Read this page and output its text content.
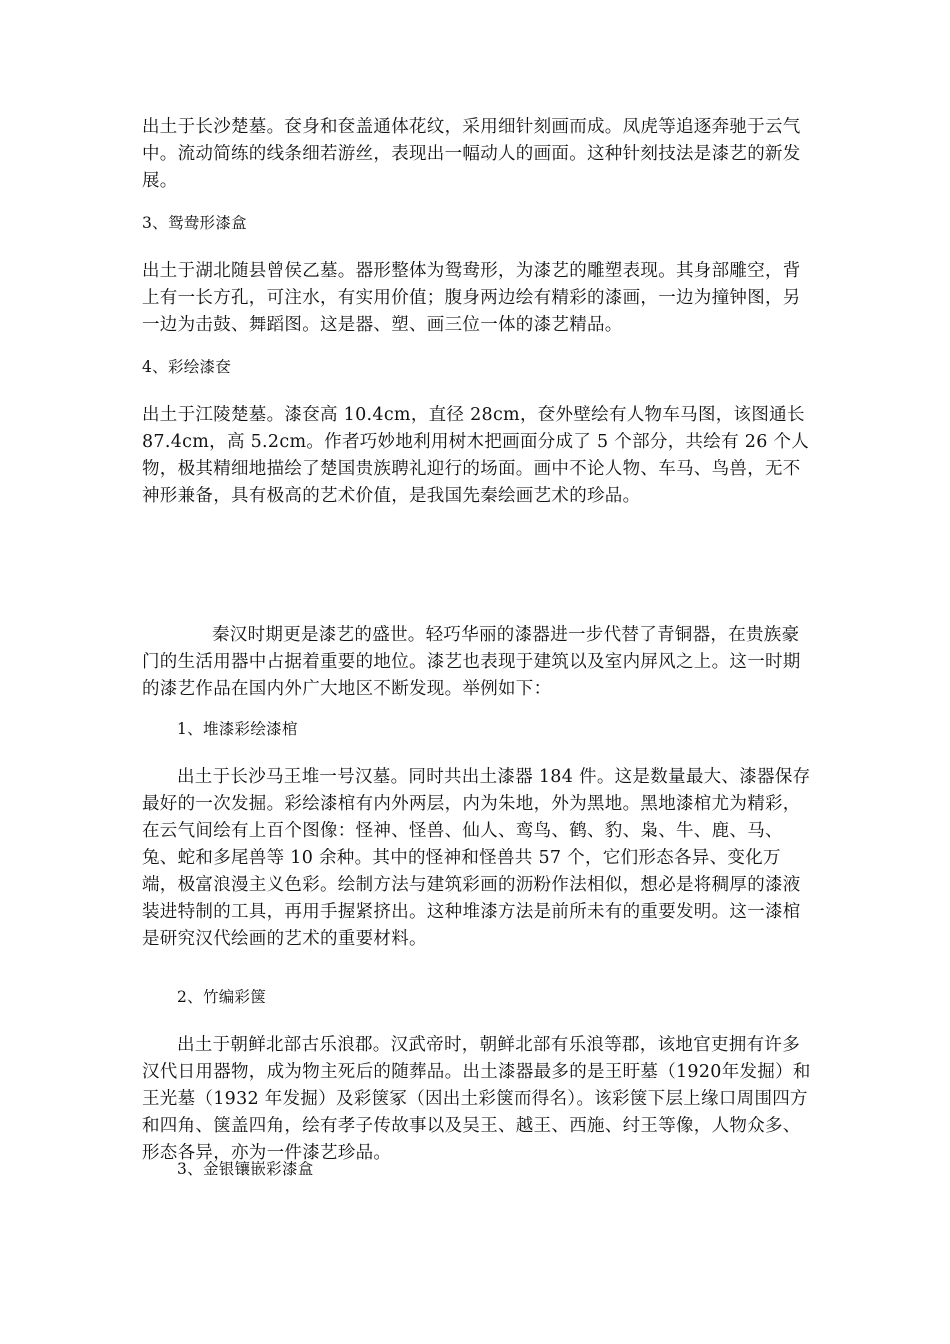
出土于长沙楚墓。奁身和奁盖通体花纹，采用细针刻画而成。凤虎等追逐奔驰于云气中。流动简练的线条细若游丝，表现出一幅动人的画面。这种针刻技法是漆艺的新发展。

3、鸳鸯形漆盒

出土于湖北随县曾侯乙墓。器形整体为鸳鸯形，为漆艺的雕塑表现。其身部雕空，背上有一长方孔，可注水，有实用价值；腹身两边绘有精彩的漆画，一边为撞钟图，另一边为击鼓、舞蹈图。这是器、塑、画三位一体的漆艺精品。

4、彩绘漆奁

出土于江陵楚墓。漆奁高 10.4cm，直径 28cm，奁外壁绘有人物车马图，该图通长 87.4cm，高 5.2cm。作者巧妙地利用树木把画面分成了 5 个部分，共绘有 26 个人物，极其精细地描绘了楚国贵族聘礼迎行的场面。画中不论人物、车马、鸟兽，无不神形兼备，具有极高的艺术价值，是我国先秦绘画艺术的珍品。

秦汉时期更是漆艺的盛世。轻巧华丽的漆器进一步代替了青铜器，在贵族豪门的生活用器中占据着重要的地位。漆艺也表现于建筑以及室内屏风之上。这一时期的漆艺作品在国内外广大地区不断发现。举例如下：

1、堆漆彩绘漆棺

出土于长沙马王堆一号汉墓。同时共出土漆器 184 件。这是数量最大、漆器保存最好的一次发掘。彩绘漆棺有内外两层，内为朱地，外为黑地。黑地漆棺尤为精彩，在云气间绘有上百个图像：怪神、怪兽、仙人、鸾鸟、鹤、豹、枭、牛、鹿、马、兔、蛇和多尾兽等 10 余种。其中的怪神和怪兽共 57 个，它们形态各异、变化万端，极富浪漫主义色彩。绘制方法与建筑彩画的沥粉作法相似，想必是将稠厚的漆液装进特制的工具，再用手握紧挤出。这种堆漆方法是前所未有的重要发明。这一漆棺是研究汉代绘画的艺术的重要材料。

2、竹编彩箧

出土于朝鲜北部古乐浪郡。汉武帝时，朝鲜北部有乐浪等郡，该地官吏拥有许多汉代日用器物，成为物主死后的随葬品。出土漆器最多的是王盱墓（1920年发掘）和王光墓（1932 年发掘）及彩箧冢（因出土彩箧而得名）。该彩箧下层上缘口周围四方和四角、箧盖四角，绘有孝子传故事以及吴王、越王、西施、纣王等像，人物众多、形态各异，亦为一件漆艺珍品。

3、金银镶嵌彩漆盒
